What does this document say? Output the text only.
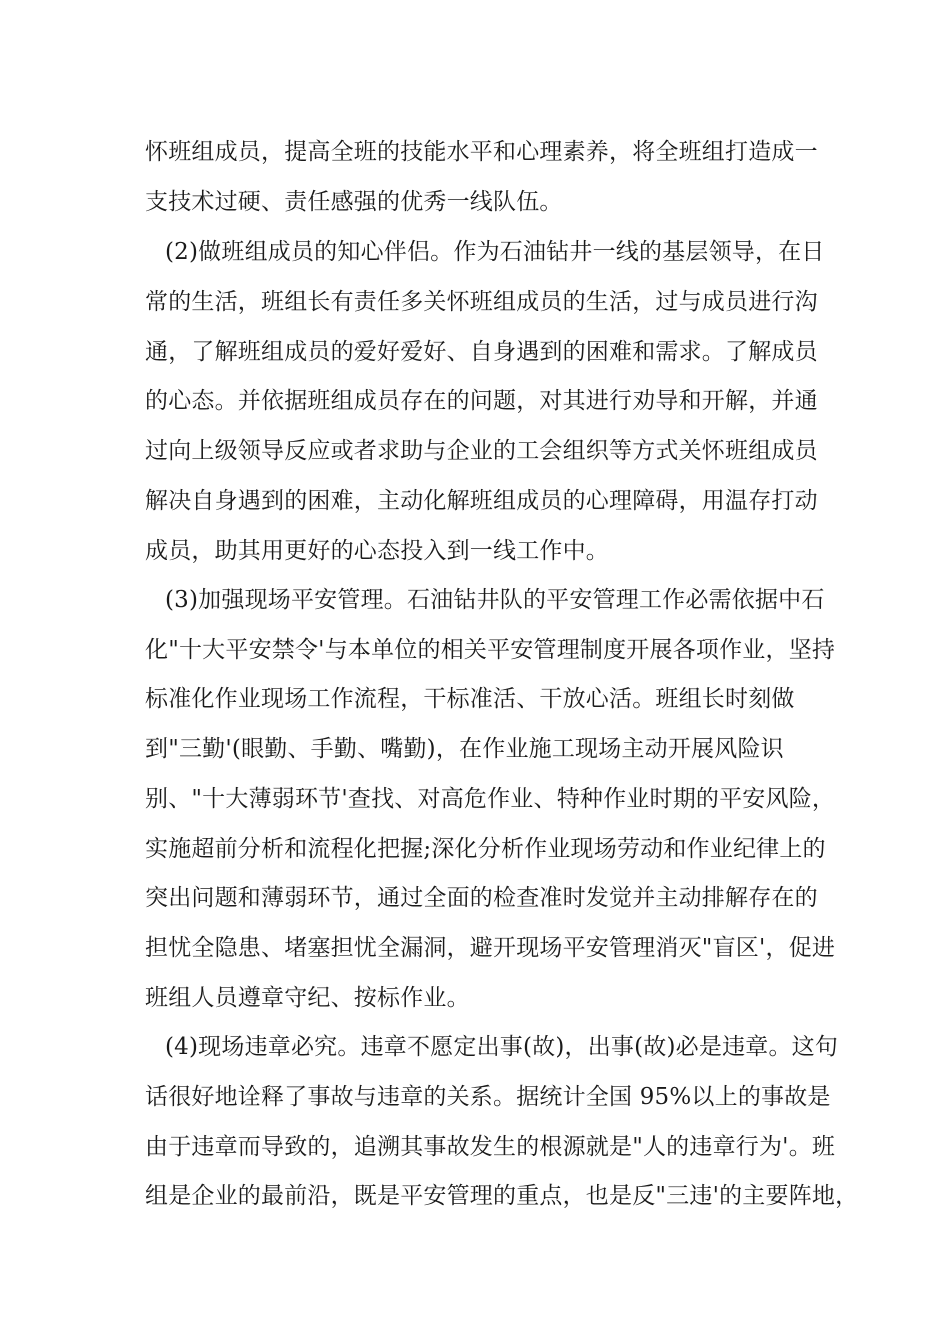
怀班组成员，提高全班的技能水平和心理素养，将全班组打造成一
支技术过硬、责任感强的优秀一线队伍。
(2)做班组成员的知心伴侣。作为石油钻井一线的基层领导，在日
常的生活，班组长有责任多关怀班组成员的生活，过与成员进行沟
通，了解班组成员的爱好爱好、自身遇到的困难和需求。了解成员
的心态。并依据班组成员存在的问题，对其进行劝导和开解，并通
过向上级领导反应或者求助与企业的工会组织等方式关怀班组成员
解决自身遇到的困难，主动化解班组成员的心理障碍，用温存打动
成员，助其用更好的心态投入到一线工作中。
(3)加强现场平安管理。石油钻井队的平安管理工作必需依据中石
化"十大平安禁令'与本单位的相关平安管理制度开展各项作业，坚持
标准化作业现场工作流程，干标准活、干放心活。班组长时刻做
到"三勤'(眼勤、手勤、嘴勤)，在作业施工现场主动开展风险识
别、"十大薄弱环节'查找、对高危作业、特种作业时期的平安风险，
实施超前分析和流程化把握;深化分析作业现场劳动和作业纪律上的
突出问题和薄弱环节，通过全面的检查准时发觉并主动排解存在的
担忧全隐患、堵塞担忧全漏洞，避开现场平安管理消灭"盲区'，促进
班组人员遵章守纪、按标作业。
(4)现场违章必究。违章不愿定出事(故)，出事(故)必是违章。这句
话很好地诠释了事故与违章的关系。据统计全国 95%以上的事故是
由于违章而导致的，追溯其事故发生的根源就是"人的违章行为'。班
组是企业的最前沿，既是平安管理的重点，也是反"三违'的主要阵地，
